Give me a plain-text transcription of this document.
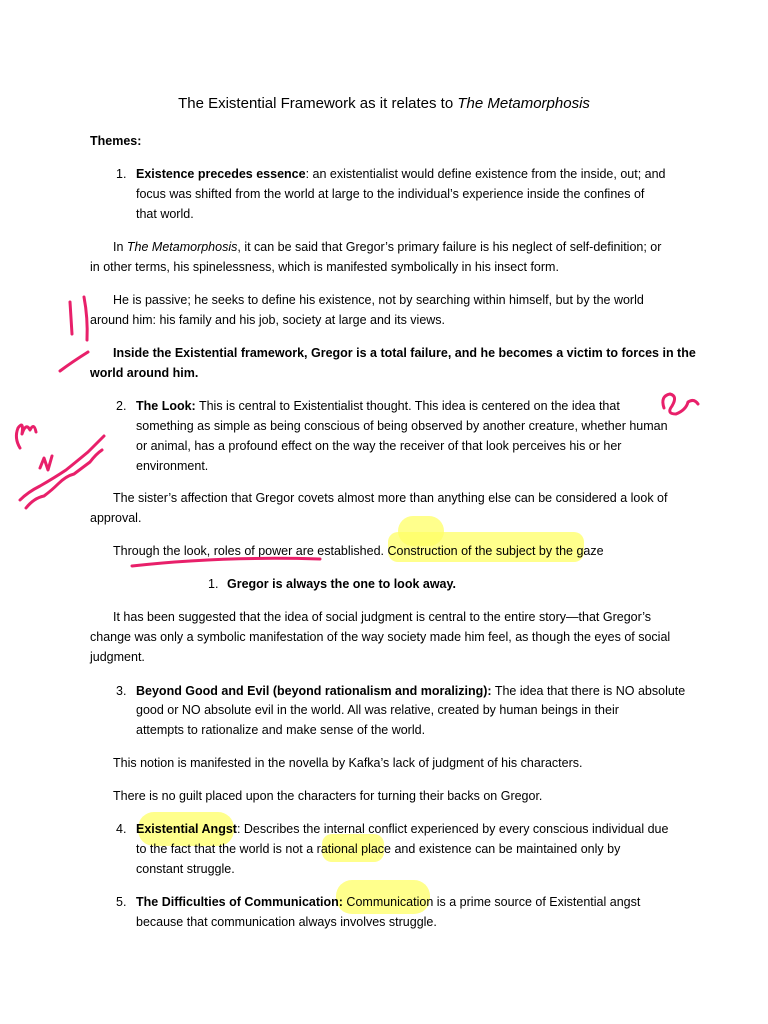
The Existential Framework as it relates to The Metamorphosis
Themes:
1. Existence precedes essence: an existentialist would define existence from the inside, out; and
focus was shifted from the world at large to the individual’s experience inside the confines of
that world.
In The Metamorphosis, it can be said that Gregor’s primary failure is his neglect of self-definition; or
in other terms, his spinelessness, which is manifested symbolically in his insect form.
He is passive; he seeks to define his existence, not by searching within himself, but by the world
around him: his family and his job, society at large and its views.
Inside the Existential framework, Gregor is a total failure, and he becomes a victim to forces in the
world around him.
2. The Look: This is central to Existentialist thought. This idea is centered on the idea that
something as simple as being conscious of being observed by another creature, whether human
or animal, has a profound effect on the way the receiver of that look perceives his or her
environment.
The sister’s affection that Gregor covets almost more than anything else can be considered a look of
approval.
Through the look, roles of power are established. Construction of the subject by the gaze
1. Gregor is always the one to look away.
It has been suggested that the idea of social judgment is central to the entire story—that Gregor’s
change was only a symbolic manifestation of the way society made him feel, as though the eyes of social
judgment.
3. Beyond Good and Evil (beyond rationalism and moralizing): The idea that there is NO absolute
good or NO absolute evil in the world. All was relative, created by human beings in their
attempts to rationalize and make sense of the world.
This notion is manifested in the novella by Kafka’s lack of judgment of his characters.
There is no guilt placed upon the characters for turning their backs on Gregor.
4. Existential Angst: Describes the internal conflict experienced by every conscious individual due
to the fact that the world is not a rational place and existence can be maintained only by
constant struggle.
5. The Difficulties of Communication: Communication is a prime source of Existential angst
because that communication always involves struggle.
